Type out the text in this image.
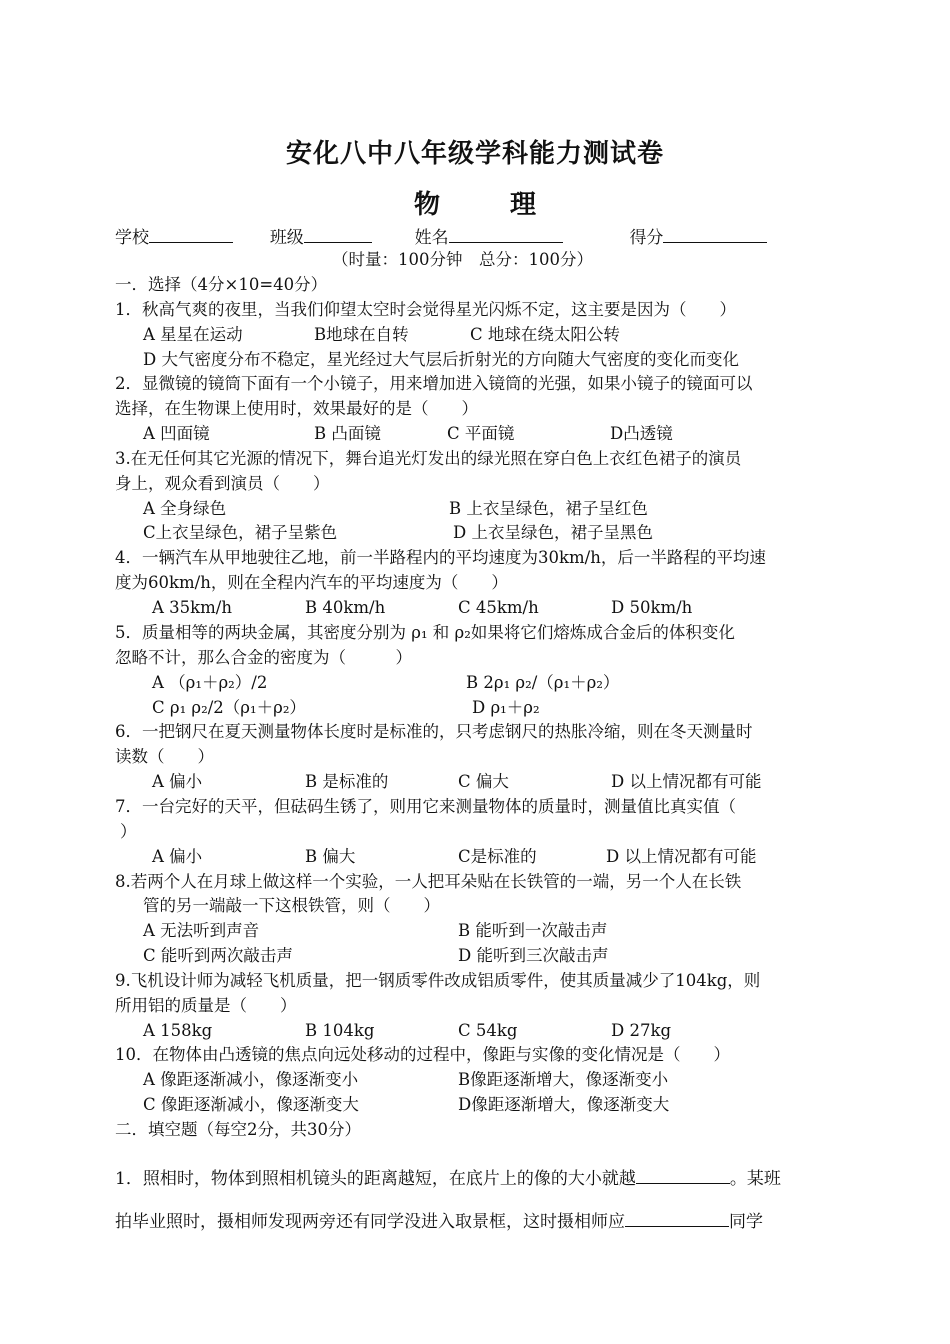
安化八中八年级学科能力测试卷
物　理
学校	班级	姓名	得分
（时量：100分钟　总分：100分）
一．选择（4分×10=40分）
1．秋高气爽的夜里，当我们仰望太空时会觉得星光闪烁不定，这主要是因为（　　）
A 星星在运动	B地球在自转	C 地球在绕太阳公转
D 大气密度分布不稳定，星光经过大气层后折射光的方向随大气密度的变化而变化
2．显微镜的镜筒下面有一个小镜子，用来增加进入镜筒的光强，如果小镜子的镜面可以
选择，在生物课上使用时，效果最好的是（　　）
A 凹面镜	B 凸面镜	C 平面镜	D凸透镜
3.在无任何其它光源的情况下，舞台追光灯发出的绿光照在穿白色上衣红色裙子的演员
身上，观众看到演员（　　）
A 全身绿色	B 上衣呈绿色，裙子呈红色
C上衣呈绿色，裙子呈紫色	D 上衣呈绿色，裙子呈黑色
4．一辆汽车从甲地驶往乙地，前一半路程内的平均速度为30km/h，后一半路程的平均速
度为60km/h，则在全程内汽车的平均速度为（　　）
A 35km/h	B 40km/h	C 45km/h	D 50km/h
5．质量相等的两块金属，其密度分别为 ρ₁ 和 ρ₂如果将它们熔炼成合金后的体积变化
忽略不计，那么合金的密度为（　　　）
A （ρ₁＋ρ₂）/2	B 2ρ₁ ρ₂/（ρ₁＋ρ₂）
C ρ₁ ρ₂/2（ρ₁＋ρ₂）	D ρ₁＋ρ₂
6．一把钢尺在夏天测量物体长度时是标准的，只考虑钢尺的热胀冷缩，则在冬天测量时
读数（　　）
A 偏小	B 是标准的	C 偏大	D 以上情况都有可能
7．一台完好的天平，但砝码生锈了，则用它来测量物体的质量时，测量值比真实值（
）
A 偏小	B 偏大	C是标准的	D 以上情况都有可能
8.若两个人在月球上做这样一个实验，一人把耳朵贴在长铁管的一端，另一个人在长铁
管的另一端敲一下这根铁管，则（　　）
A 无法听到声音	B 能听到一次敲击声
C 能听到两次敲击声	D 能听到三次敲击声
9.飞机设计师为减轻飞机质量，把一钢质零件改成铝质零件，使其质量减少了104kg，则
所用铝的质量是（　　）
A 158kg	B 104kg	C 54kg	D 27kg
10．在物体由凸透镜的焦点向远处移动的过程中，像距与实像的变化情况是（　　）
A 像距逐渐减小，像逐渐变小	B像距逐渐增大，像逐渐变小
C 像距逐渐减小，像逐渐变大	D像距逐渐增大，像逐渐变大
二．填空题（每空2分，共30分）
1．照相时，物体到照相机镜头的距离越短，在底片上的像的大小就越	。某班
拍毕业照时，摄相师发现两旁还有同学没进入取景框，这时摄相师应	同学
